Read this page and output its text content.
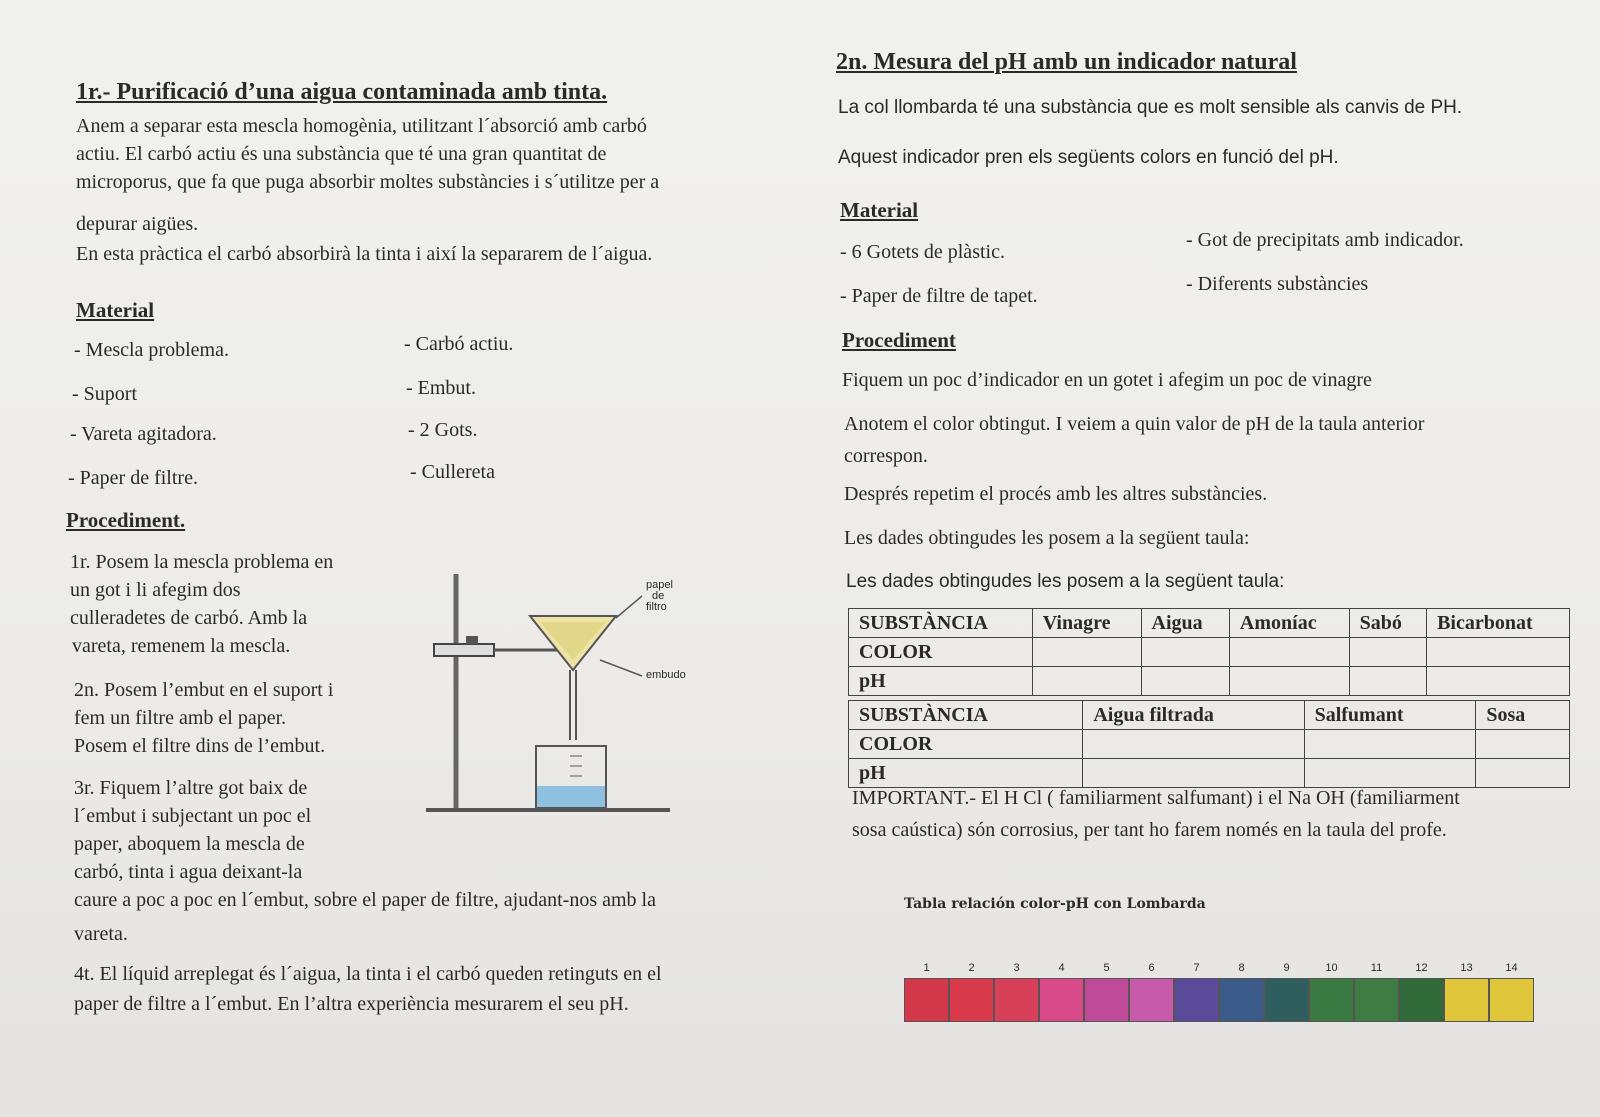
1r.- Purificació d’una aigua contaminada amb tinta.
Anem a separar esta mescla homogènia, utilitzant l´absorció amb carbó
actiu. El carbó actiu és una substància que té una gran quantitat de
microporus, que fa que puga absorbir moltes substàncies i s´utilitze per a
depurar aigües.
En esta pràctica el carbó absorbirà la tinta i així la separarem de l´aigua.
Material
- Mescla problema.
- Suport
- Vareta agitadora.
- Paper de filtre.
- Carbó actiu.
- Embut.
- 2 Gots.
- Cullereta
Procediment.
1r. Posem la mescla problema en
un got i li afegim dos
culleradetes de carbó. Amb la
vareta, remenem la mescla.
2n. Posem l’embut en el suport i
fem un filtre amb el paper.
Posem el filtre dins de l’embut.
3r. Fiquem l’altre got baix de
l´embut i subjectant un poc el
paper, aboquem la mescla de
carbó, tinta i agua deixant-la
caure a poc a poc en l´embut, sobre el paper de filtre, ajudant-nos amb la
vareta.
4t. El líquid arreplegat és l´aigua, la tinta i el carbó queden retinguts en el
paper de filtre a l´embut. En l’altra experiència mesurarem el seu pH.
papel
de
filtro
embudo
2n. Mesura del pH amb un indicador natural
La col llombarda té una substància que es molt sensible als canvis de PH.
Aquest indicador pren els següents colors en funció del pH.
Material
- 6 Gotets de plàstic.
- Paper de filtre de tapet.
- Got de precipitats amb indicador.
- Diferents substàncies
Procediment
Fiquem un poc d’indicador en un gotet i afegim un poc de vinagre
Anotem el color obtingut. I veiem a quin valor de pH de la taula anterior
correspon.
Després repetim el procés amb les altres substàncies.
Les dades obtingudes les posem a la següent taula:
Les dades obtingudes les posem a la següent taula:
SUBSTÀNCIA	Vinagre	Aigua	Amoníac	Sabó	Bicarbonat
COLOR					
pH					
SUBSTÀNCIA	Aigua filtrada	Salfumant	Sosa
COLOR			
pH			
IMPORTANT.- El H Cl ( familiarment salfumant) i el Na OH (familiarment
sosa caústica) són corrosius, per tant ho farem només en la taula del profe.
Tabla relación color-pH con Lombarda
1	2	3	4	5	6	7	8	9	10	11	12	13	14
